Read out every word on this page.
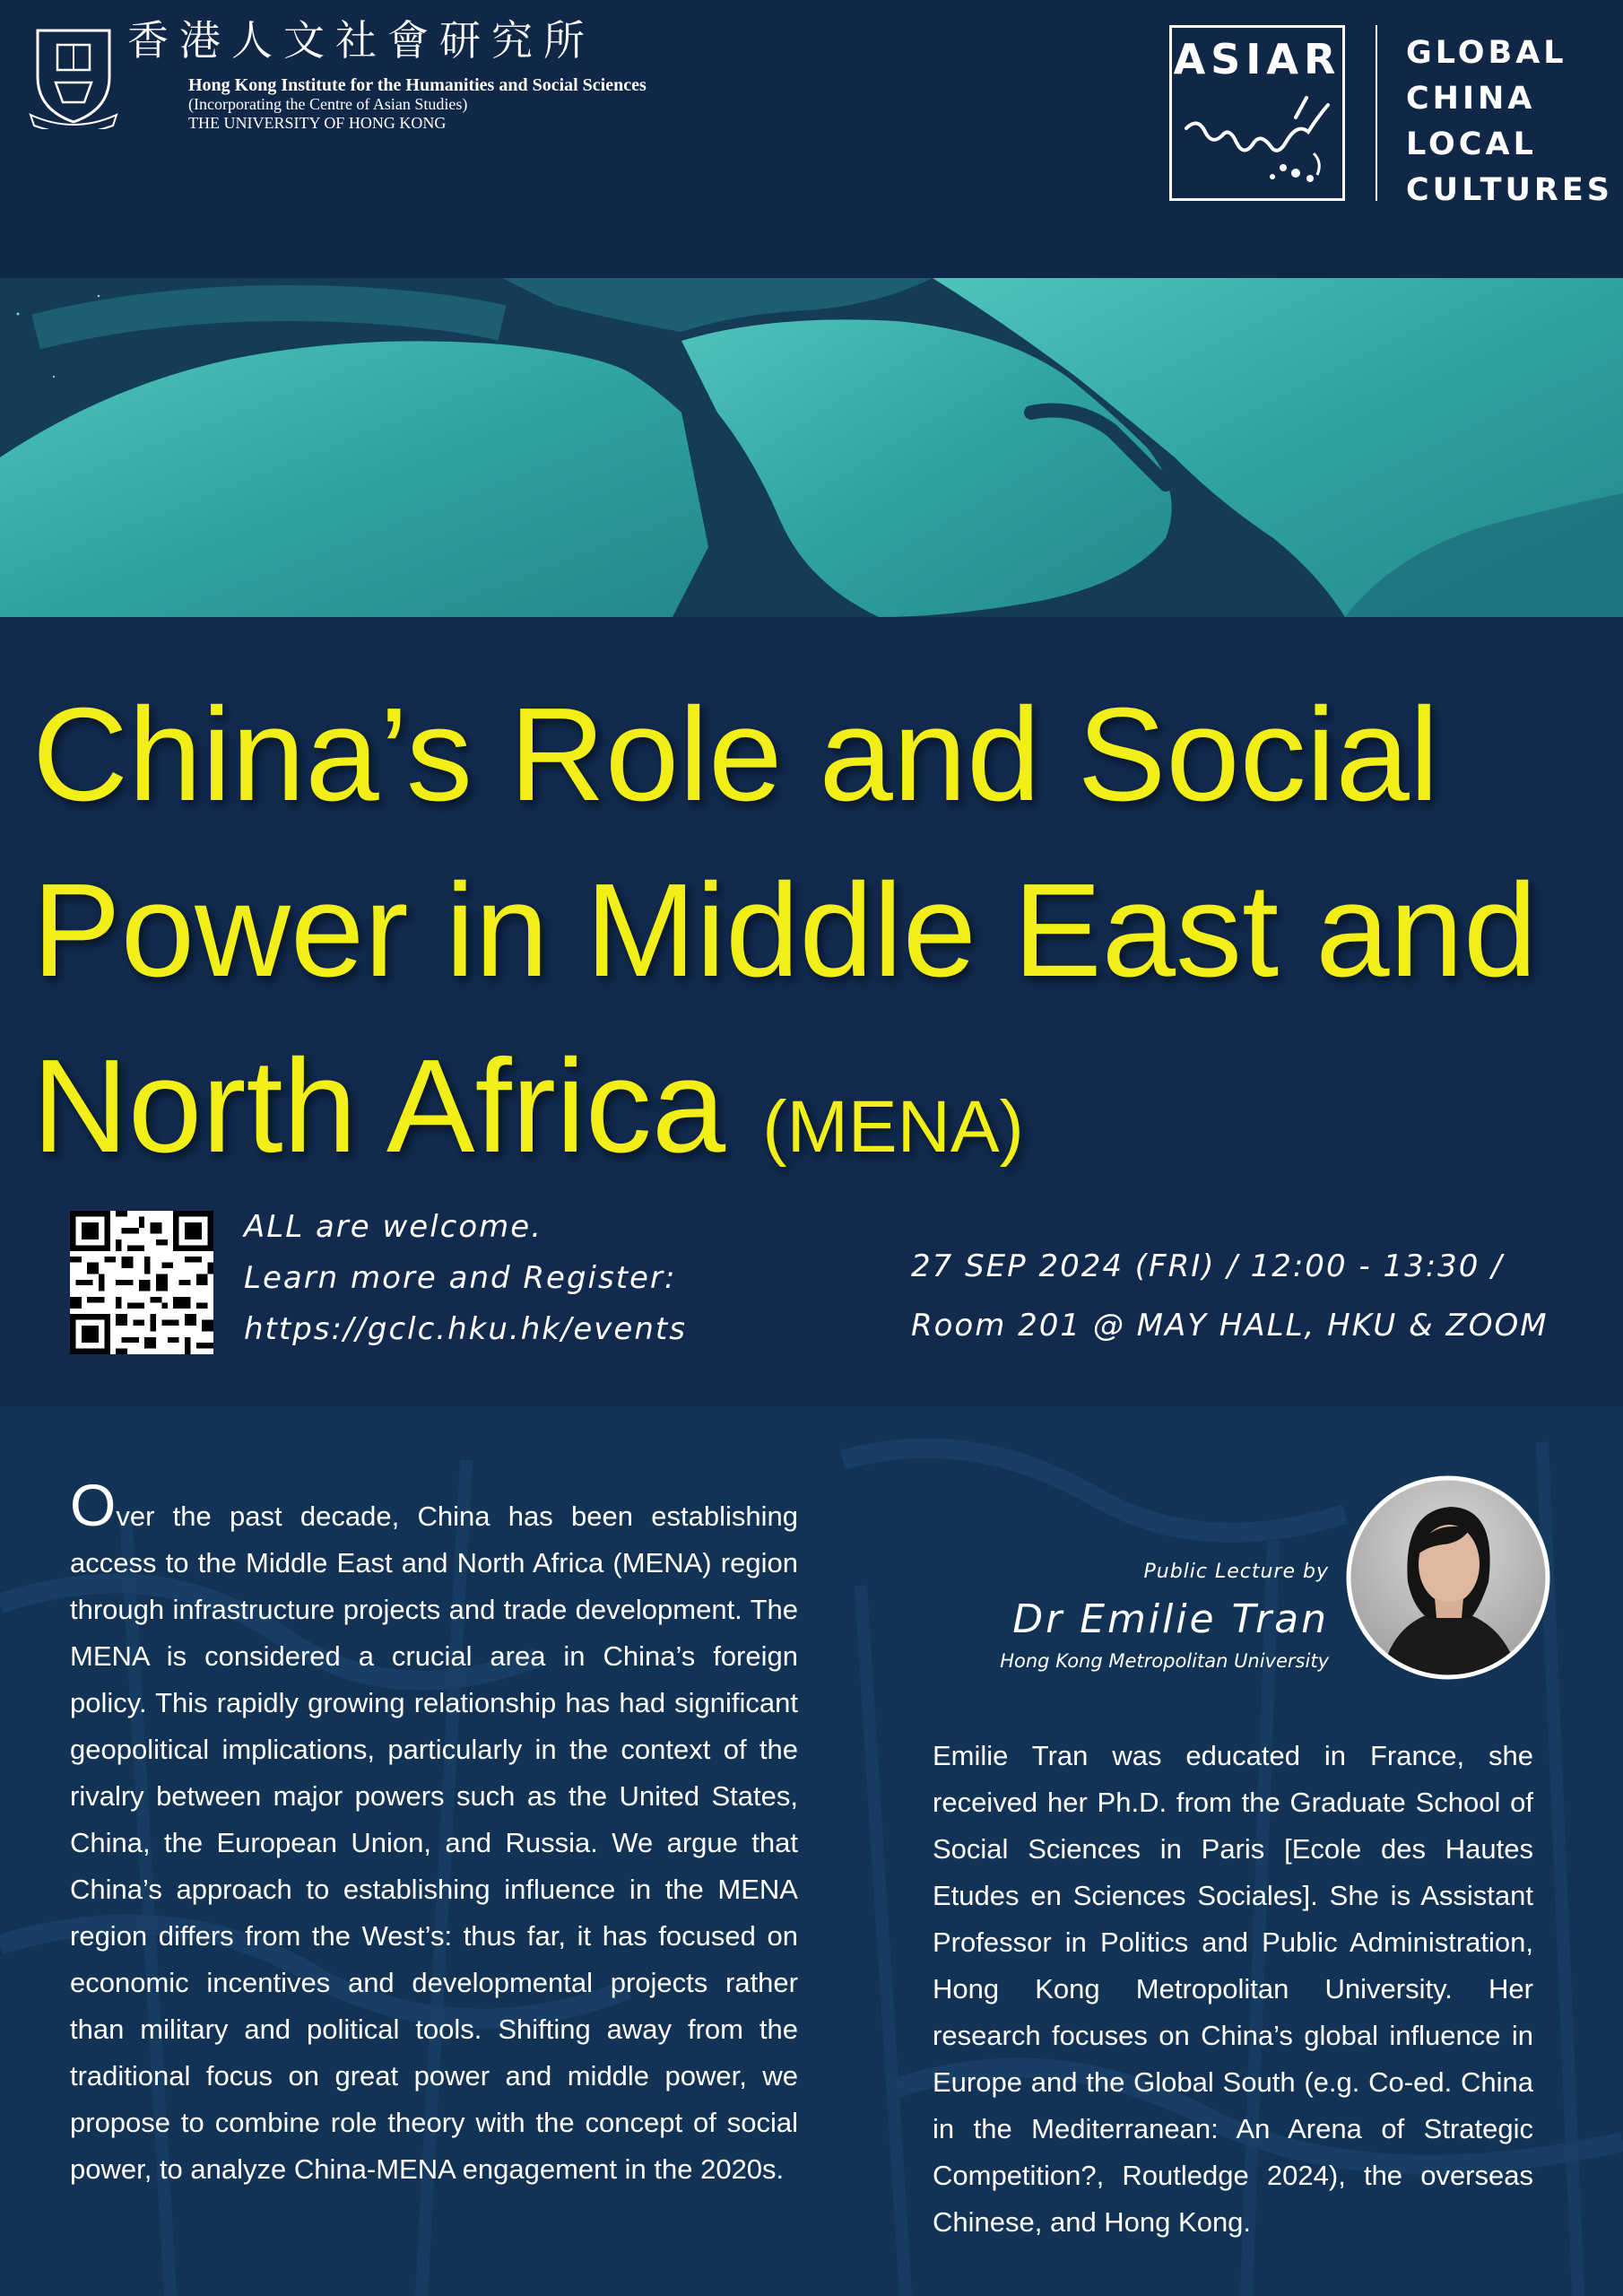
香港人文社會研究所
Hong Kong Institute for the Humanities and Social Sciences
(Incorporating the Centre of Asian Studies)
THE UNIVERSITY OF HONG KONG
ASIAR GLOBAL
CHINA
LOCAL
CULTURES
China’s Role and Social Power in Middle East and North Africa (MENA)
ALL are welcome.
Learn more and Register:
https://gclc.hku.hk/events
27 SEP 2024 (FRI) / 12:00 - 13:30 /
Room 201 @ MAY HALL, HKU & ZOOM
Over the past decade, China has been establishing access to the Middle East and North Africa (MENA) region through infrastructure projects and trade development. The MENA is considered a crucial area in China’s foreign policy. This rapidly growing relationship has had significant geopolitical implications, particularly in the context of the rivalry between major powers such as the United States, China, the European Union, and Russia. We argue that China’s approach to establishing influence in the MENA region differs from the West’s: thus far, it has focused on economic incentives and developmental projects rather than military and political tools. Shifting away from the traditional focus on great power and middle power, we propose to combine role theory with the concept of social power, to analyze China-MENA engagement in the 2020s.
Public Lecture by
Dr Emilie Tran
Hong Kong Metropolitan University
Emilie Tran was educated in France, she received her Ph.D. from the Graduate School of Social Sciences in Paris [Ecole des Hautes Etudes en Sciences Sociales]. She is Assistant Professor in Politics and Public Administration, Hong Kong Metropolitan University. Her research focuses on China’s global influence in Europe and the Global South (e.g. Co-ed. China in the Mediterranean: An Arena of Strategic Competition?, Routledge 2024), the overseas Chinese, and Hong Kong.
